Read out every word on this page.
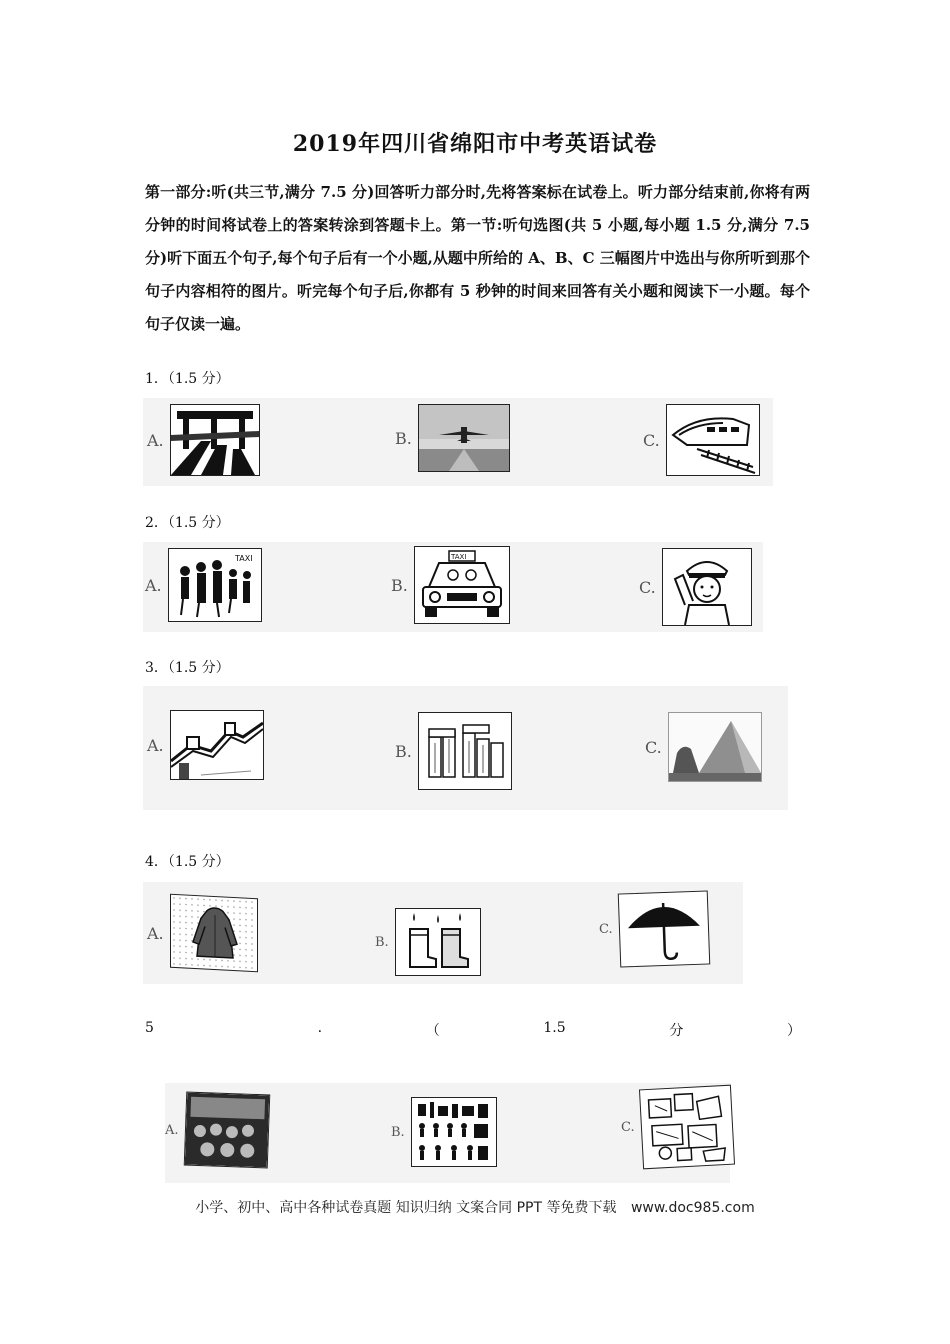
2019年四川省绵阳市中考英语试卷
第一部分:听(共三节,满分 7.5 分)回答听力部分时,先将答案标在试卷上。听力部分结束前,你将有两分钟的时间将试卷上的答案转涂到答题卡上。第一节:听句选图(共 5 小题,每小题 1.5 分,满分 7.5 分)听下面五个句子,每个句子后有一个小题,从题中所给的 A、B、C 三幅图片中选出与你所听到那个句子内容相符的图片。听完每个句子后,你都有 5 秒钟的时间来回答有关小题和阅读下一小题。每个句子仅读一遍。
1．（1.5 分）
A.	B.	C.
2．（1.5 分）
A.
TAXI
B.
TAXI
C.
3．（1.5 分）
A.	B.	C.
4．（1.5 分）
A.	B.
C.
5	.	（	1.5	分	）
A.	B.	C.
小学、初中、高中各种试卷真题 知识归纳 文案合同 PPT 等免费下载 www.doc985.com
